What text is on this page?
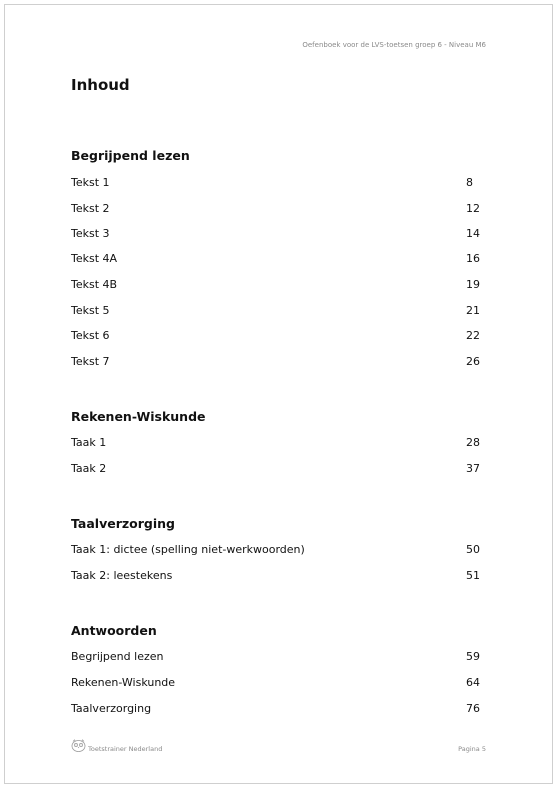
Oefenboek voor de LVS-toetsen groep 6 - Niveau M6
Inhoud
Begrijpend lezen
Tekst 1	8
Tekst 2	12
Tekst 3	14
Tekst 4A	16
Tekst 4B	19
Tekst 5	21
Tekst 6	22
Tekst 7	26
Rekenen-Wiskunde
Taak 1	28
Taak 2	37
Taalverzorging
Taak 1: dictee (spelling niet-werkwoorden)	50
Taak 2: leestekens	51
Antwoorden
Begrijpend lezen	59
Rekenen-Wiskunde	64
Taalverzorging	76
Toetstrainer Nederland	Pagina 5
